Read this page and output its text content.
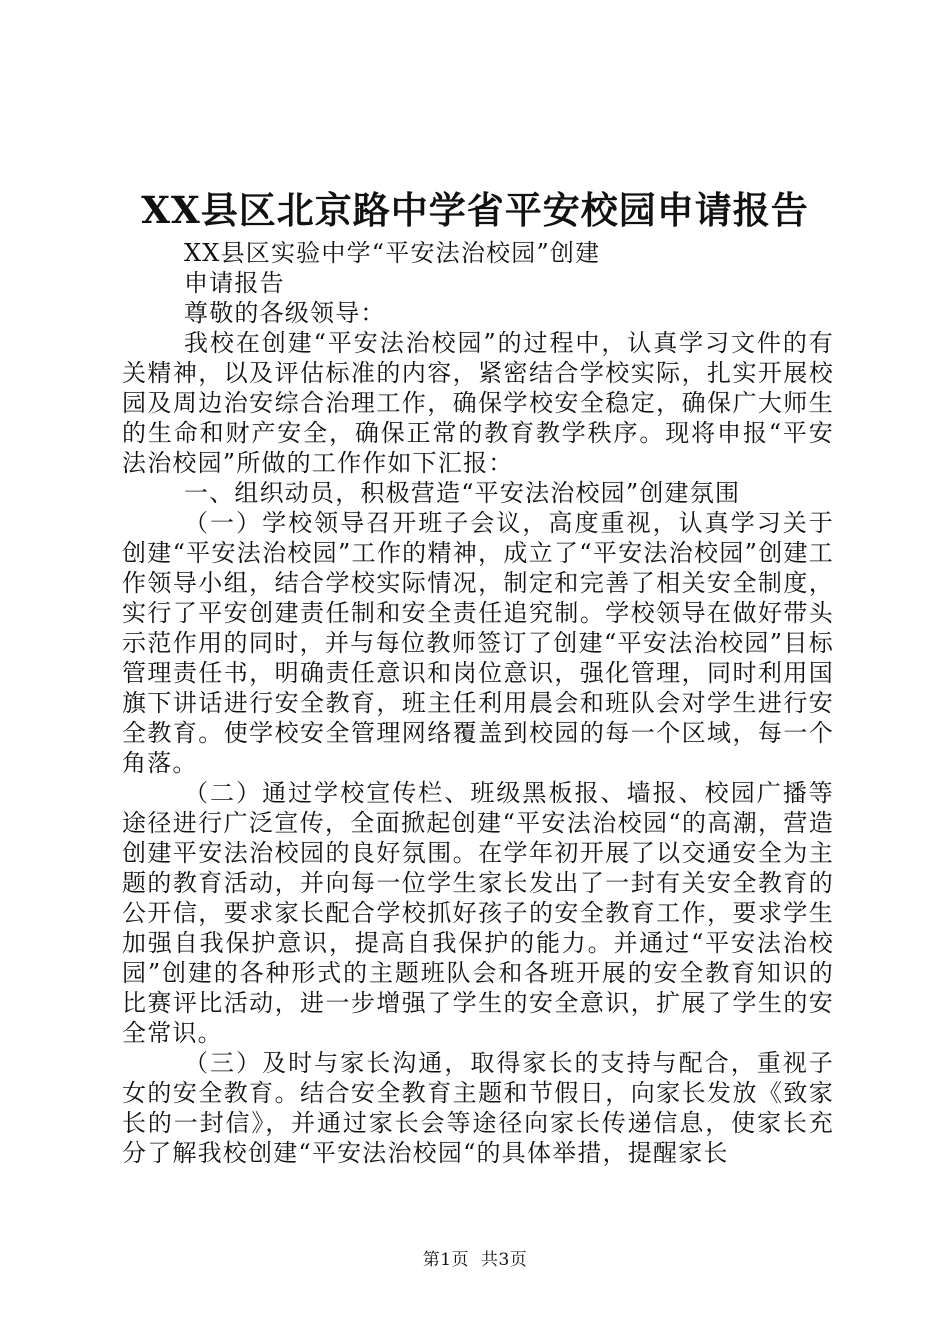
XX县区北京路中学省平安校园申请报告
XX县区实验中学“平安法治校园”创建
申请报告
尊敬的各级领导：

我校在创建“平安法治校园”的过程中，认真学习文件的有关精神，以及评估标准的内容，紧密结合学校实际，扎实开展校园及周边治安综合治理工作，确保学校安全稳定，确保广大师生的生命和财产安全，确保正常的教育教学秩序。现将申报“平安法治校园”所做的工作作如下汇报：

一、组织动员，积极营造“平安法治校园”创建氛围

（一）学校领导召开班子会议，高度重视，认真学习关于创建“平安法治校园”工作的精神，成立了“平安法治校园”创建工作领导小组，结合学校实际情况，制定和完善了相关安全制度，实行了平安创建责任制和安全责任追究制。学校领导在做好带头示范作用的同时，并与每位教师签订了创建“平安法治校园”目标管理责任书，明确责任意识和岗位意识，强化管理，同时利用国旗下讲话进行安全教育，班主任利用晨会和班队会对学生进行安全教育。使学校安全管理网络覆盖到校园的每一个区域，每一个角落。

（二）通过学校宣传栏、班级黑板报、墙报、校园广播等途径进行广泛宣传，全面掀起创建“平安法治校园“的高潮，营造创建平安法治校园的良好氛围。在学年初开展了以交通安全为主题的教育活动，并向每一位学生家长发出了一封有关安全教育的公开信，要求家长配合学校抓好孩子的安全教育工作，要求学生加强自我保护意识，提高自我保护的能力。并通过“平安法治校园”创建的各种形式的主题班队会和各班开展的安全教育知识的比赛评比活动，进一步增强了学生的安全意识，扩展了学生的安全常识。

（三）及时与家长沟通，取得家长的支持与配合，重视子女的安全教育。结合安全教育主题和节假日，向家长发放《致家长的一封信》，并通过家长会等途径向家长传递信息，使家长充分了解我校创建“平安法治校园“的具体举措，提醒家长

第1页 共3页
